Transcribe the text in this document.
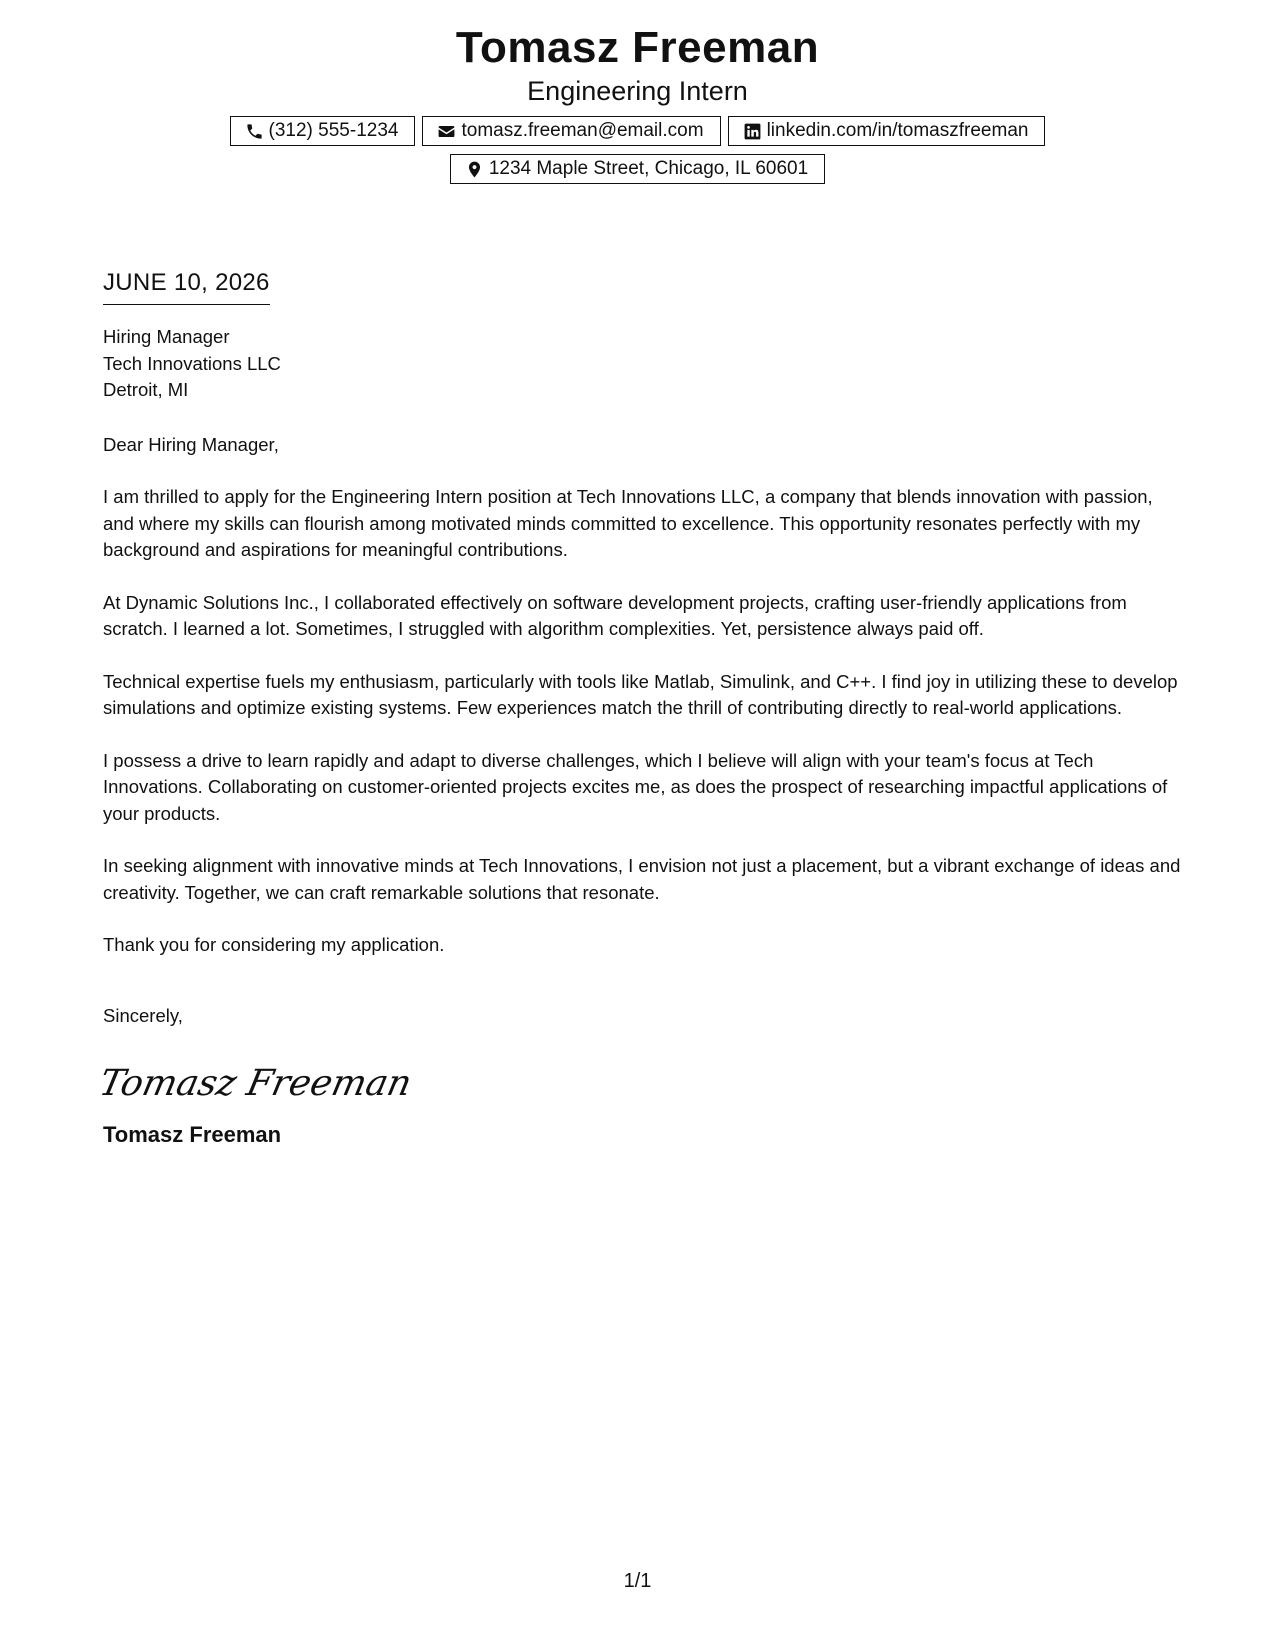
Tomasz Freeman
Engineering Intern
(312) 555-1234	tomasz.freeman@email.com	linkedin.com/in/tomaszfreeman
1234 Maple Street, Chicago, IL 60601
JUNE 10, 2026
Hiring Manager
Tech Innovations LLC
Detroit, MI

Dear Hiring Manager,

I am thrilled to apply for the Engineering Intern position at Tech Innovations LLC, a company that blends innovation with passion, and where my skills can flourish among motivated minds committed to excellence. This opportunity resonates perfectly with my background and aspirations for meaningful contributions.

At Dynamic Solutions Inc., I collaborated effectively on software development projects, crafting user-friendly applications from scratch. I learned a lot. Sometimes, I struggled with algorithm complexities. Yet, persistence always paid off.

Technical expertise fuels my enthusiasm, particularly with tools like Matlab, Simulink, and C++. I find joy in utilizing these to develop simulations and optimize existing systems. Few experiences match the thrill of contributing directly to real-world applications.

I possess a drive to learn rapidly and adapt to diverse challenges, which I believe will align with your team's focus at Tech Innovations. Collaborating on customer-oriented projects excites me, as does the prospect of researching impactful applications of your products.

In seeking alignment with innovative minds at Tech Innovations, I envision not just a placement, but a vibrant exchange of ideas and creativity. Together, we can craft remarkable solutions that resonate.

Thank you for considering my application.

Sincerely,

Tomasz Freeman
Tomasz Freeman
1/1
